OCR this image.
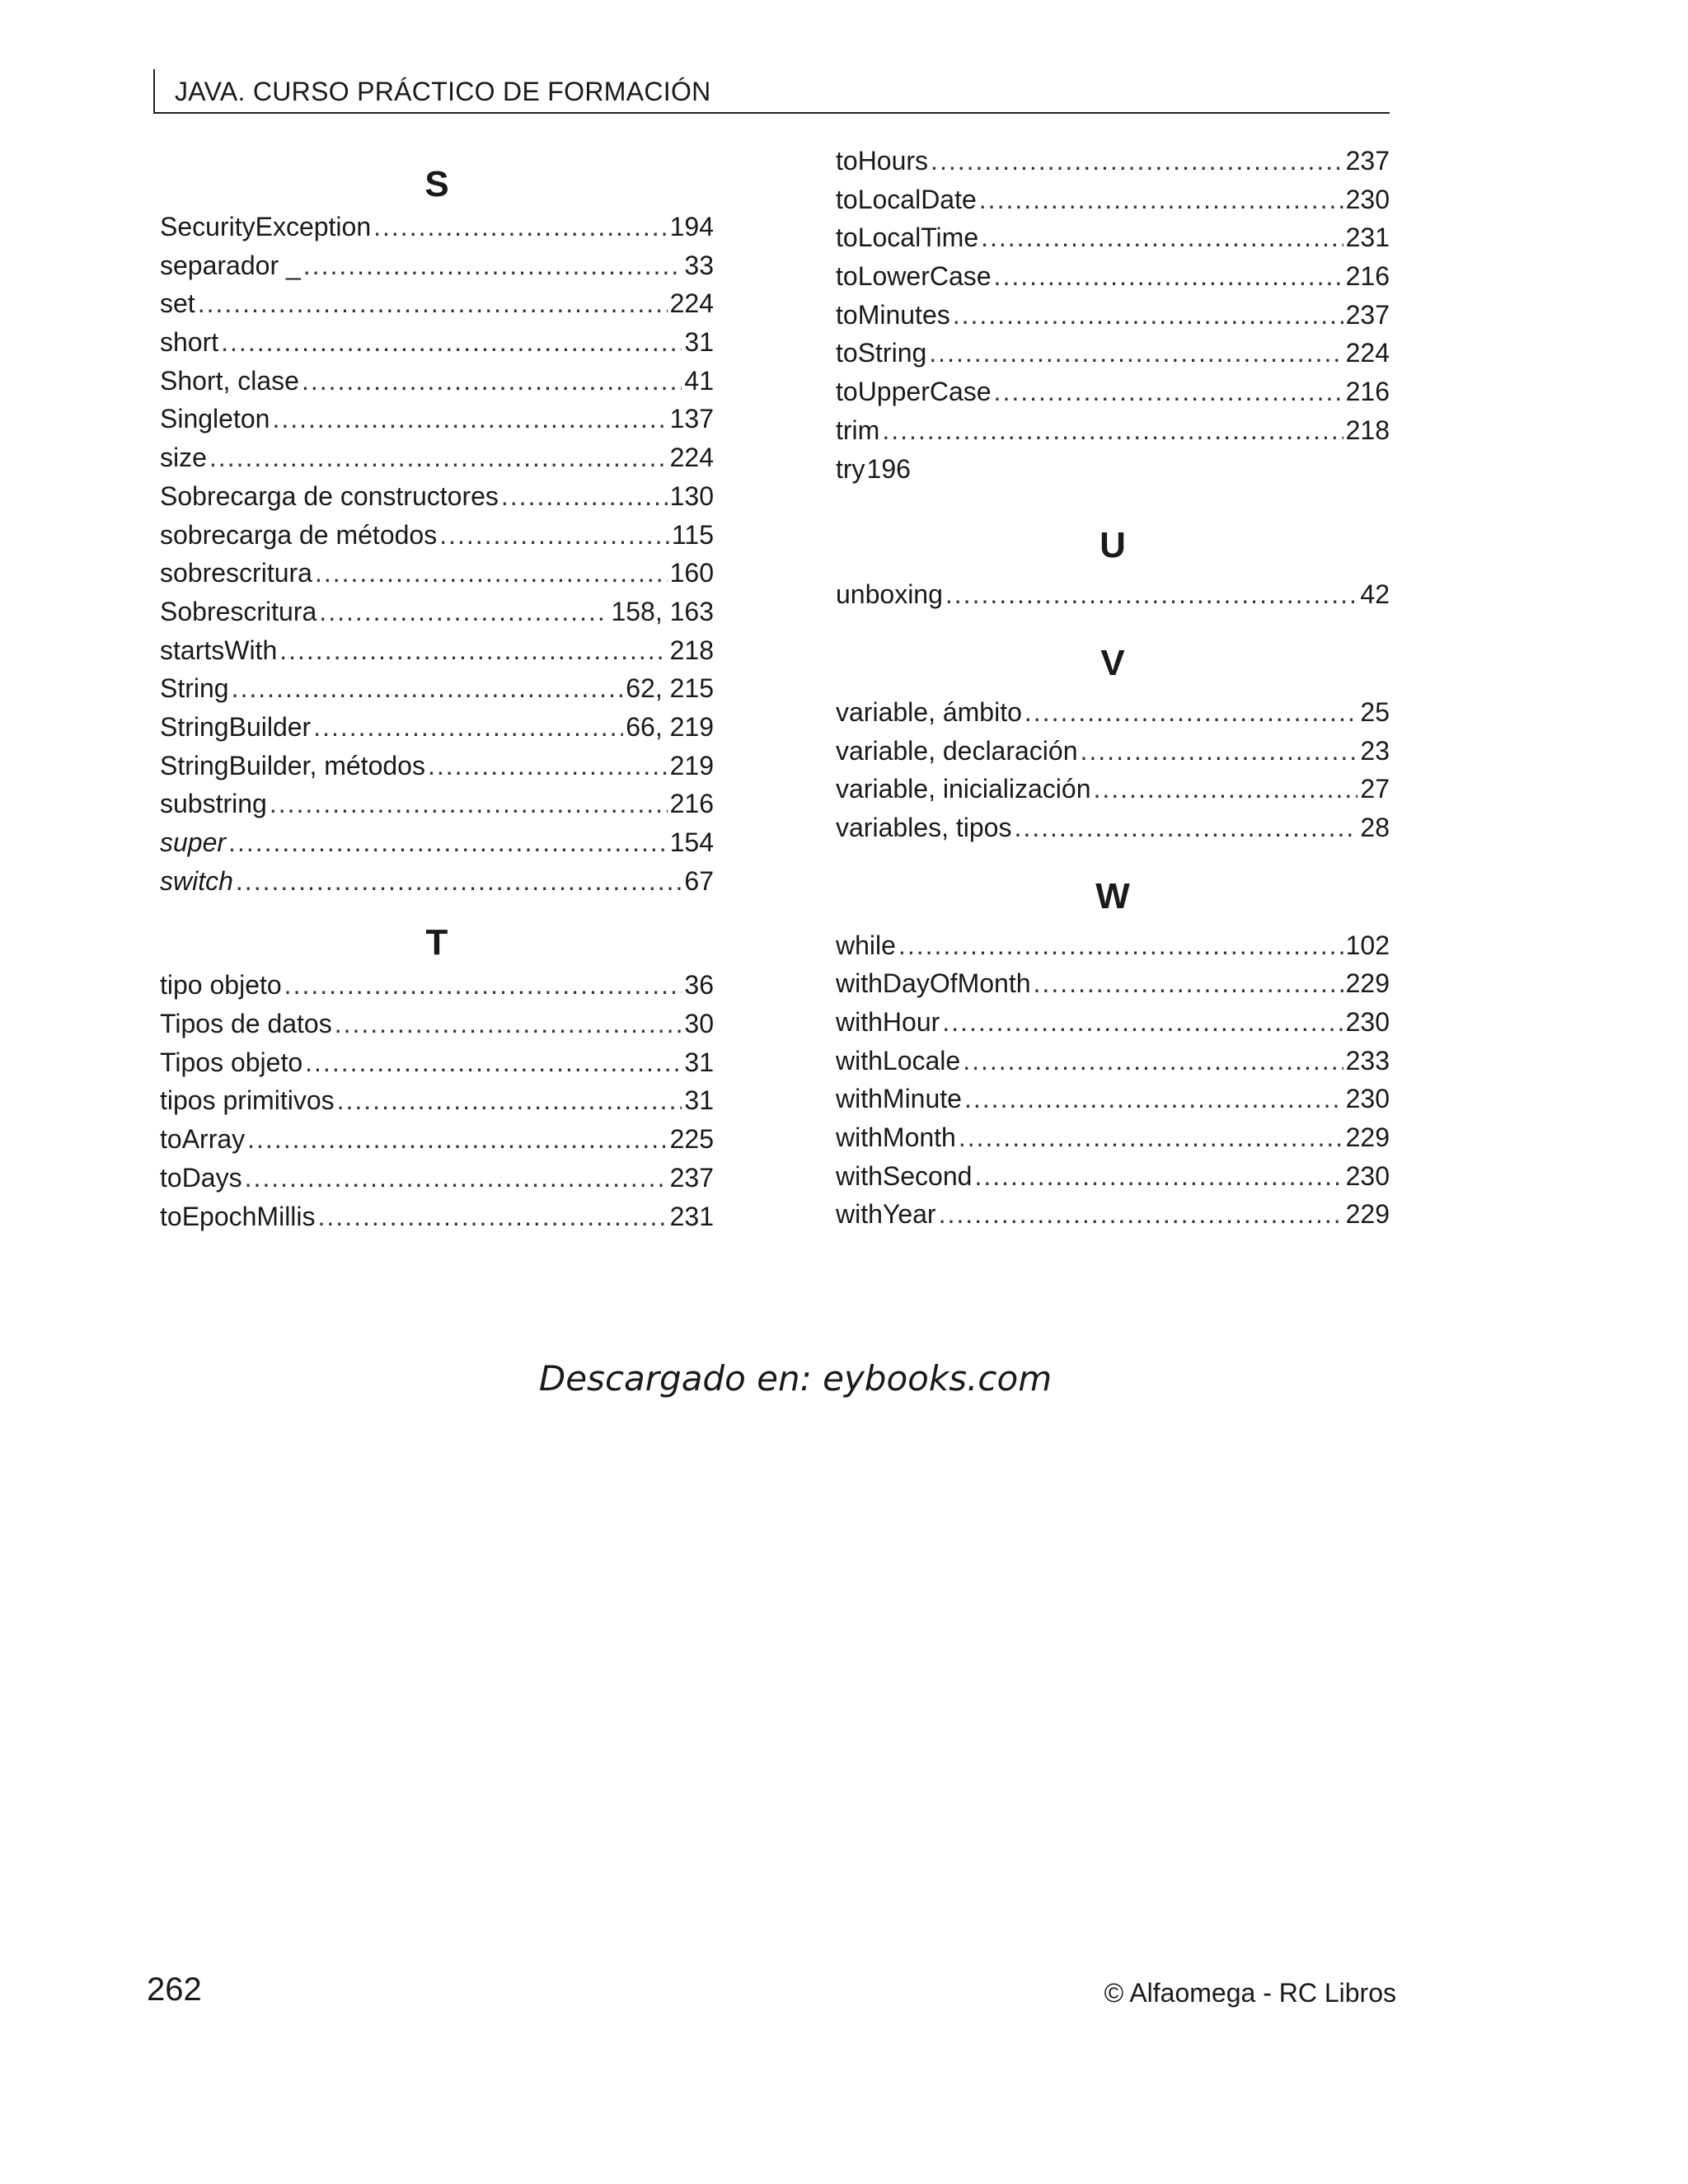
JAVA. CURSO PRÁCTICO DE FORMACIÓN
S
SecurityException .....	194
separador _ .....	33
set .....	224
short .....	31
Short, clase .....	41
Singleton .....	137
size .....	224
Sobrecarga de constructores .....	130
sobrecarga de métodos .....	115
sobrescritura .....	160
Sobrescritura .....	158, 163
startsWith .....	218
String .....	62, 215
StringBuilder .....	66, 219
StringBuilder, métodos .....	219
substring .....	216
super .....	154
switch .....	67
T
tipo objeto .....	36
Tipos de datos .....	30
Tipos objeto .....	31
tipos primitivos .....	31
toArray .....	225
toDays .....	237
toEpochMillis .....	231
toHours .....	237
toLocalDate .....	230
toLocalTime .....	231
toLowerCase .....	216
toMinutes .....	237
toString .....	224
toUpperCase .....	216
trim .....	218
try 196
U
unboxing .....	42
V
variable, ámbito .....	25
variable, declaración .....	23
variable, inicialización .....	27
variables, tipos .....	28
W
while .....	102
withDayOfMonth .....	229
withHour .....	230
withLocale .....	233
withMinute .....	230
withMonth .....	229
withSecond .....	230
withYear .....	229
Descargado en: eybooks.com
262	© Alfaomega - RC Libros
